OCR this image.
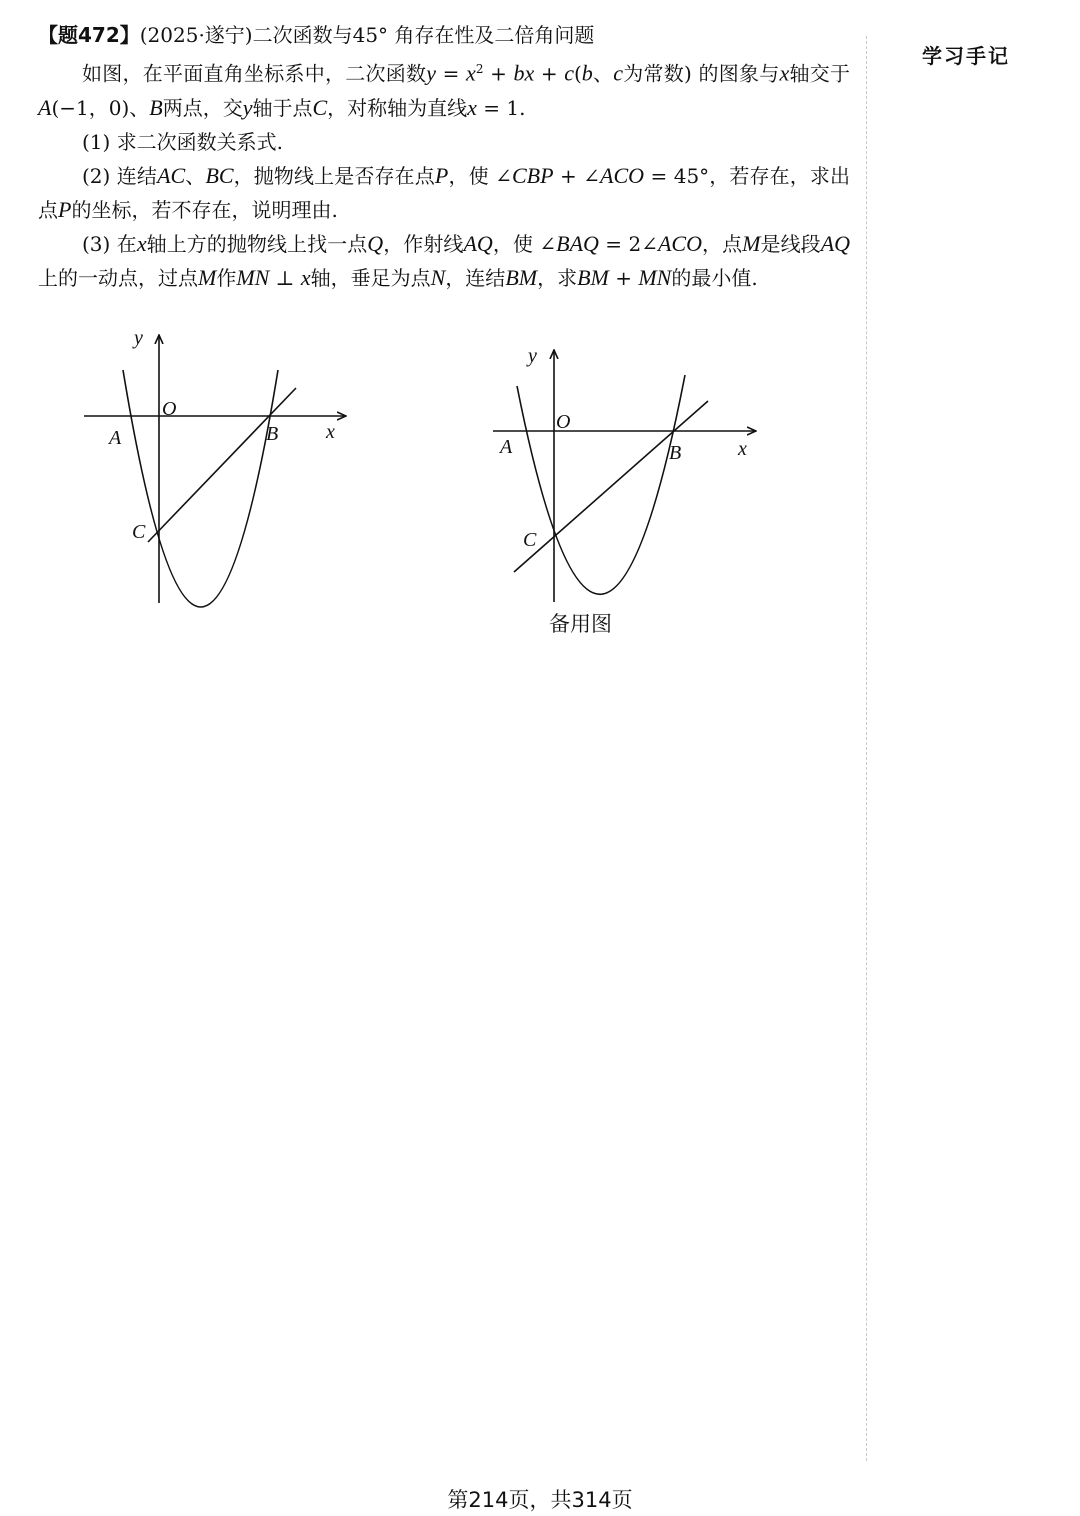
学习手记
【题472】(2025·遂宁)二次函数与45° 角存在性及二倍角问题

如图，在平面直角坐标系中，二次函数$y = x^2$ + bx + c(b、c为常数) 的图象与x轴交于A(−1，0)、B两点，交y轴于点C，对称轴为直线x = 1.

(1) 求二次函数关系式.

(2) 连结AC、BC，抛物线上是否存在点P，使 ∠CBP + ∠ACO = 45°，若存在，求出点P的坐标，若不存在，说明理由.

(3) 在x轴上方的抛物线上找一点Q，作射线AQ，使 ∠BAQ = 2∠ACO，点M是线段AQ上的一动点，过点M作MN ⊥ x轴，垂足为点N，连结BM，求BM + MN的最小值.

y
O
A	B x
C
y
O
A	B	x
C
备用图
第214页，共314页
